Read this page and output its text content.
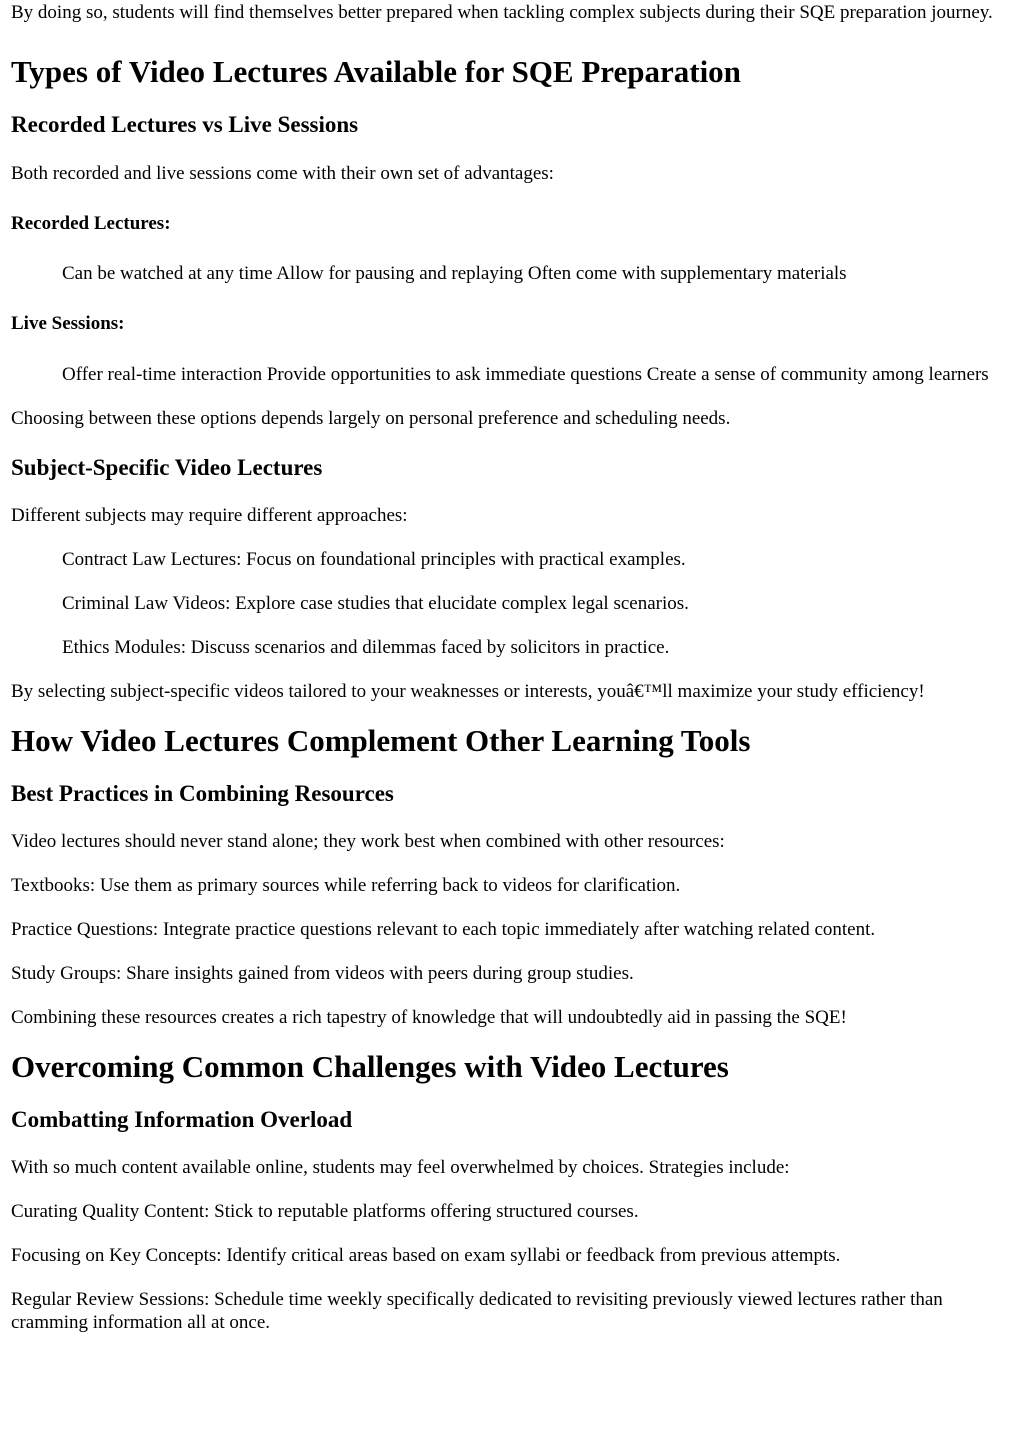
By doing so, students will find themselves better prepared when tackling complex subjects during their SQE preparation journey.

Types of Video Lectures Available for SQE Preparation
Recorded Lectures vs Live Sessions

Both recorded and live sessions come with their own set of advantages:

Recorded Lectures:

Can be watched at any time Allow for pausing and replaying Often come with supplementary materials

Live Sessions:

Offer real-time interaction Provide opportunities to ask immediate questions Create a sense of community among learners

Choosing between these options depends largely on personal preference and scheduling needs.

Subject-Specific Video Lectures

Different subjects may require different approaches:

Contract Law Lectures: Focus on foundational principles with practical examples.

Criminal Law Videos: Explore case studies that elucidate complex legal scenarios.

Ethics Modules: Discuss scenarios and dilemmas faced by solicitors in practice.

By selecting subject-specific videos tailored to your weaknesses or interests, youâ€™ll maximize your study efficiency!

How Video Lectures Complement Other Learning Tools
Best Practices in Combining Resources

Video lectures should never stand alone; they work best when combined with other resources:

Textbooks: Use them as primary sources while referring back to videos for clarification.

Practice Questions: Integrate practice questions relevant to each topic immediately after watching related content.

Study Groups: Share insights gained from videos with peers during group studies.

Combining these resources creates a rich tapestry of knowledge that will undoubtedly aid in passing the SQE!

Overcoming Common Challenges with Video Lectures
Combatting Information Overload

With so much content available online, students may feel overwhelmed by choices. Strategies include:

Curating Quality Content: Stick to reputable platforms offering structured courses.

Focusing on Key Concepts: Identify critical areas based on exam syllabi or feedback from previous attempts.

Regular Review Sessions: Schedule time weekly specifically dedicated to revisiting previously viewed lectures rather than cramming information all at once.
